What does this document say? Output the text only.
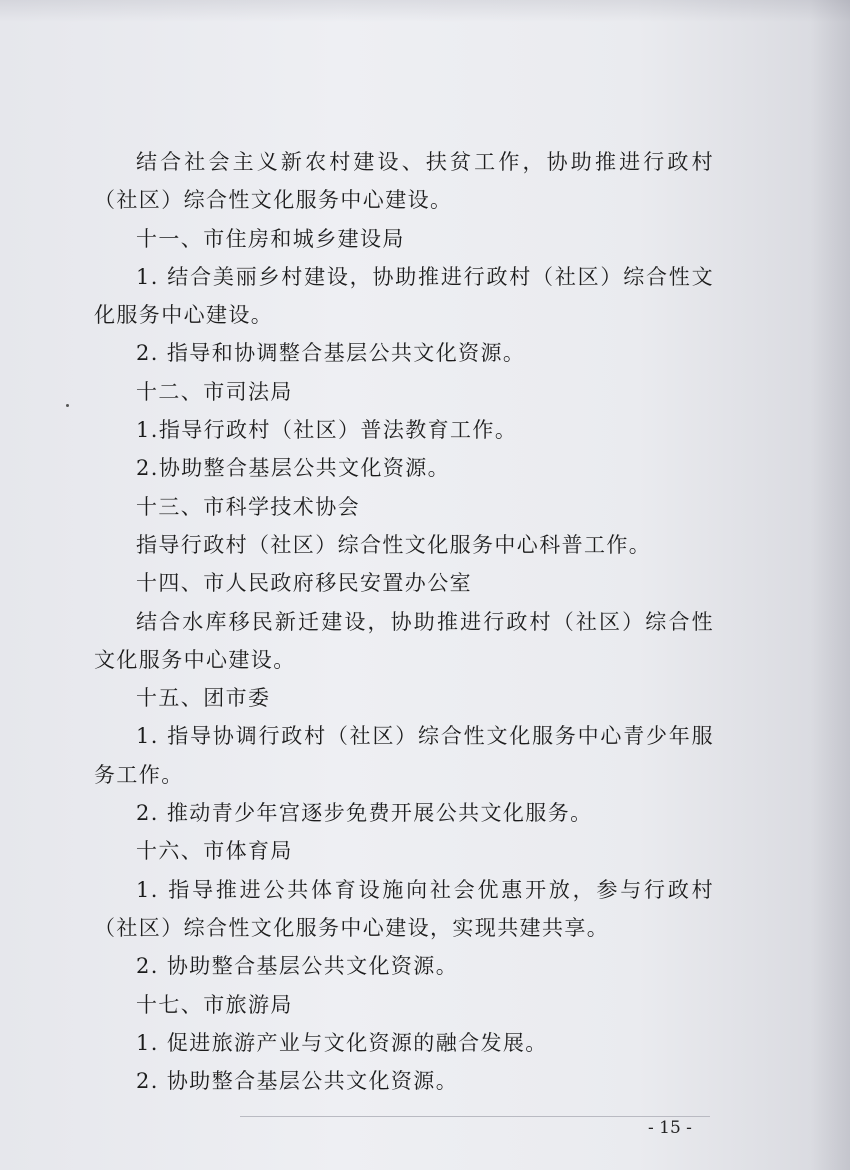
结合社会主义新农村建设、扶贫工作，协助推进行政村（社区）综合性文化服务中心建设。

十一、市住房和城乡建设局

1. 结合美丽乡村建设，协助推进行政村（社区）综合性文化服务中心建设。

2. 指导和协调整合基层公共文化资源。

十二、市司法局

1.指导行政村（社区）普法教育工作。

2.协助整合基层公共文化资源。

十三、市科学技术协会

指导行政村（社区）综合性文化服务中心科普工作。

十四、市人民政府移民安置办公室

结合水库移民新迁建设，协助推进行政村（社区）综合性文化服务中心建设。

十五、团市委

1. 指导协调行政村（社区）综合性文化服务中心青少年服务工作。

2. 推动青少年宫逐步免费开展公共文化服务。

十六、市体育局

1. 指导推进公共体育设施向社会优惠开放，参与行政村（社区）综合性文化服务中心建设，实现共建共享。

2. 协助整合基层公共文化资源。

十七、市旅游局

1. 促进旅游产业与文化资源的融合发展。

2. 协助整合基层公共文化资源。

- 15 -
